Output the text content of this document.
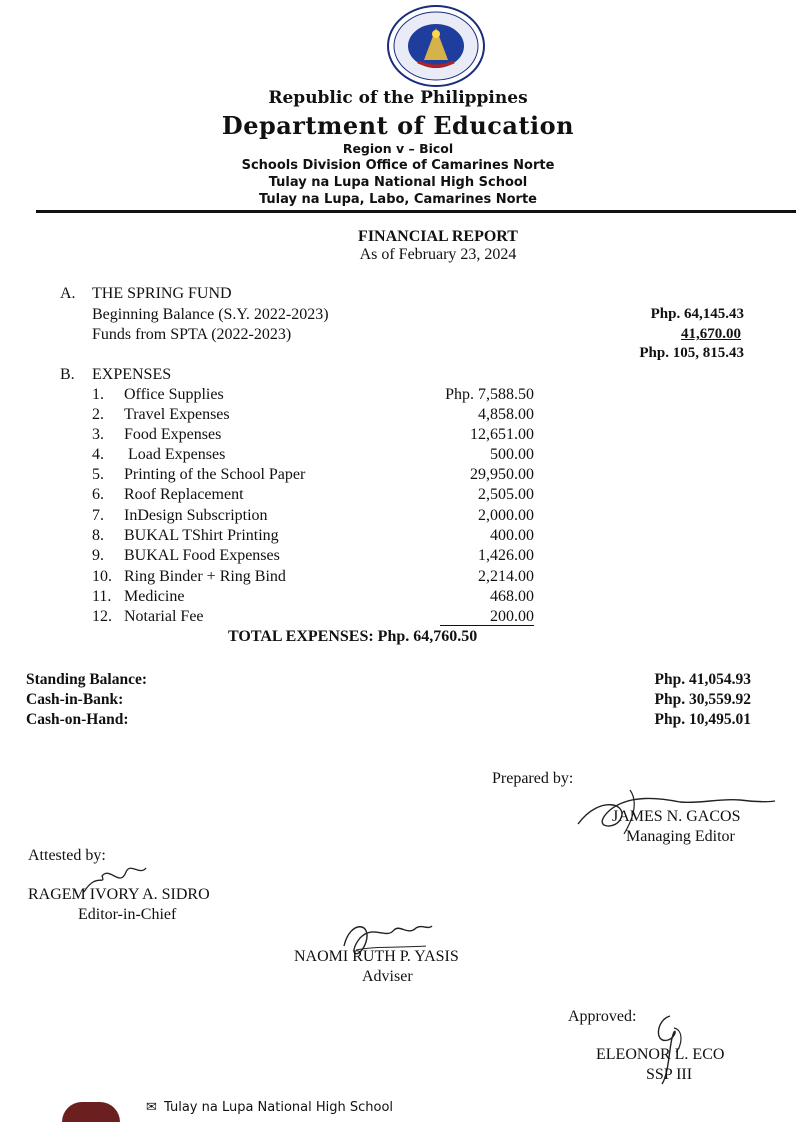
Republic of the Philippines
Department of Education
Region v – Bicol
Schools Division Office of Camarines Norte
Tulay na Lupa National High School
Tulay na Lupa, Labo, Camarines Norte
FINANCIAL REPORT
As of February 23, 2024
A. THE SPRING FUND
Beginning Balance (S.Y. 2022-2023)	Php. 64,145.43
Funds from SPTA (2022-2023)	41,670.00
Php. 105, 815.43
B. EXPENSES
1. Office Supplies	Php. 7,588.50
2. Travel Expenses	4,858.00
3. Food Expenses	12,651.00
4. Load Expenses	500.00
5. Printing of the School Paper	29,950.00
6. Roof Replacement	2,505.00
7. InDesign Subscription	2,000.00
8. BUKAL TShirt Printing	400.00
9. BUKAL Food Expenses	1,426.00
10. Ring Binder + Ring Bind	2,214.00
11. Medicine	468.00
12. Notarial Fee	200.00
TOTAL EXPENSES: Php. 64,760.50
Standing Balance:	Php. 41,054.93
Cash-in-Bank:	Php. 30,559.92
Cash-on-Hand:	Php. 10,495.01
Prepared by:
JAMES N. GACOS
Managing Editor
Attested by:
RAGEM IVORY A. SIDRO
Editor-in-Chief
NAOMI RUTH P. YASIS
Adviser
Approved:
ELEONOR L. ECO
SSP III
✉ Tulay na Lupa National High School
